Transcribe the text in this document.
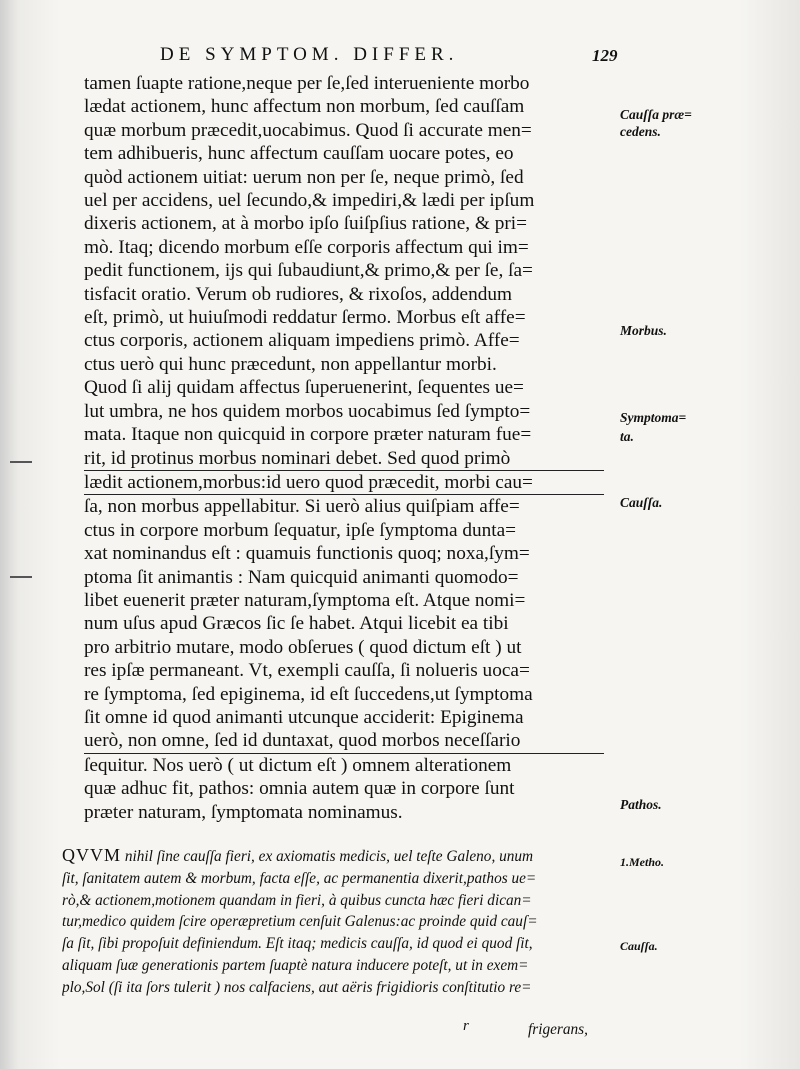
DE SYMPTOM. DIFFER.	129
tamen ſuapte ratione,neque per ſe,ſed interueniente morbo
lædat actionem, hunc affectum non morbum, ſed cauſſam
quæ morbum præcedit,uocabimus. Quod ſi accurate men=
tem adhibueris, hunc affectum cauſſam uocare potes, eo
quòd actionem uitiat: uerum non per ſe, neque primò, ſed
uel per accidens, uel ſecundo,& impediri,& lædi per ipſum
dixeris actionem, at à morbo ipſo ſuiſpſius ratione, & pri=
mò. Itaq; dicendo morbum eſſe corporis affectum qui im=
pedit functionem, ijs qui ſubaudiunt,& primo,& per ſe, ſa=
tisfacit oratio. Verum ob rudiores, & rixoſos, addendum
eſt, primò, ut huiuſmodi reddatur ſermo. Morbus eſt affe=
ctus corporis, actionem aliquam impediens primò. Affe=
ctus uerò qui hunc præcedunt, non appellantur morbi.
Quod ſi alij quidam affectus ſuperuenerint, ſequentes ue=
lut umbra, ne hos quidem morbos uocabimus ſed ſympto=
mata. Itaque non quicquid in corpore præter naturam fue=
rit, id protinus morbus nominari debet. Sed quod primò
lædit actionem,morbus:id uero quod præcedit, morbi cau=
ſa, non morbus appellabitur. Si uerò alius quiſpiam affe=
ctus in corpore morbum ſequatur, ipſe ſymptoma dunta=
xat nominandus eſt : quamuis functionis quoq; noxa,ſym=
ptoma ſit animantis : Nam quicquid animanti quomodo=
libet euenerit præter naturam,ſymptoma eſt. Atque nomi=
num uſus apud Græcos ſic ſe habet. Atqui licebit ea tibi
pro arbitrio mutare, modo obſerues ( quod dictum eſt ) ut
res ipſæ permaneant. Vt, exempli cauſſa, ſi nolueris uoca=
re ſymptoma, ſed epiginema, id eſt ſuccedens,ut ſymptoma
ſit omne id quod animanti utcunque acciderit: Epiginema
uerò, non omne, ſed id duntaxat, quod morbos neceſſario
ſequitur. Nos uerò ( ut dictum eſt ) omnem alterationem
quæ adhuc fit, pathos: omnia autem quæ in corpore ſunt
præter naturam, ſymptomata nominamus.
Cauſſa præ=
cedens.
Morbus.
Symptoma=
ta.
Cauſſa.
Pathos.
1.Metho.
Cauſſa.
QVVM nihil ſine cauſſa fieri, ex axiomatis medicis, uel teſte Galeno, unum
ſit, ſanitatem autem & morbum, facta eſſe, ac permanentia dixerit,pathos ue=
rò,& actionem,motionem quandam in fieri, à quibus cuncta hæc fieri dican=
tur,medico quidem ſcire operæpretium cenſuit Galenus:ac proinde quid cauſ=
ſa ſit, ſibi propoſuit definiendum. Eſt itaq; medicis cauſſa, id quod ei quod ſit,
aliquam ſuæ generationis partem ſuaptè natura inducere poteſt, ut in exem=
plo,Sol (ſi ita ſors tulerit ) nos calfaciens, aut aëris frigidioris conſtitutio re=
r	frigerans,
